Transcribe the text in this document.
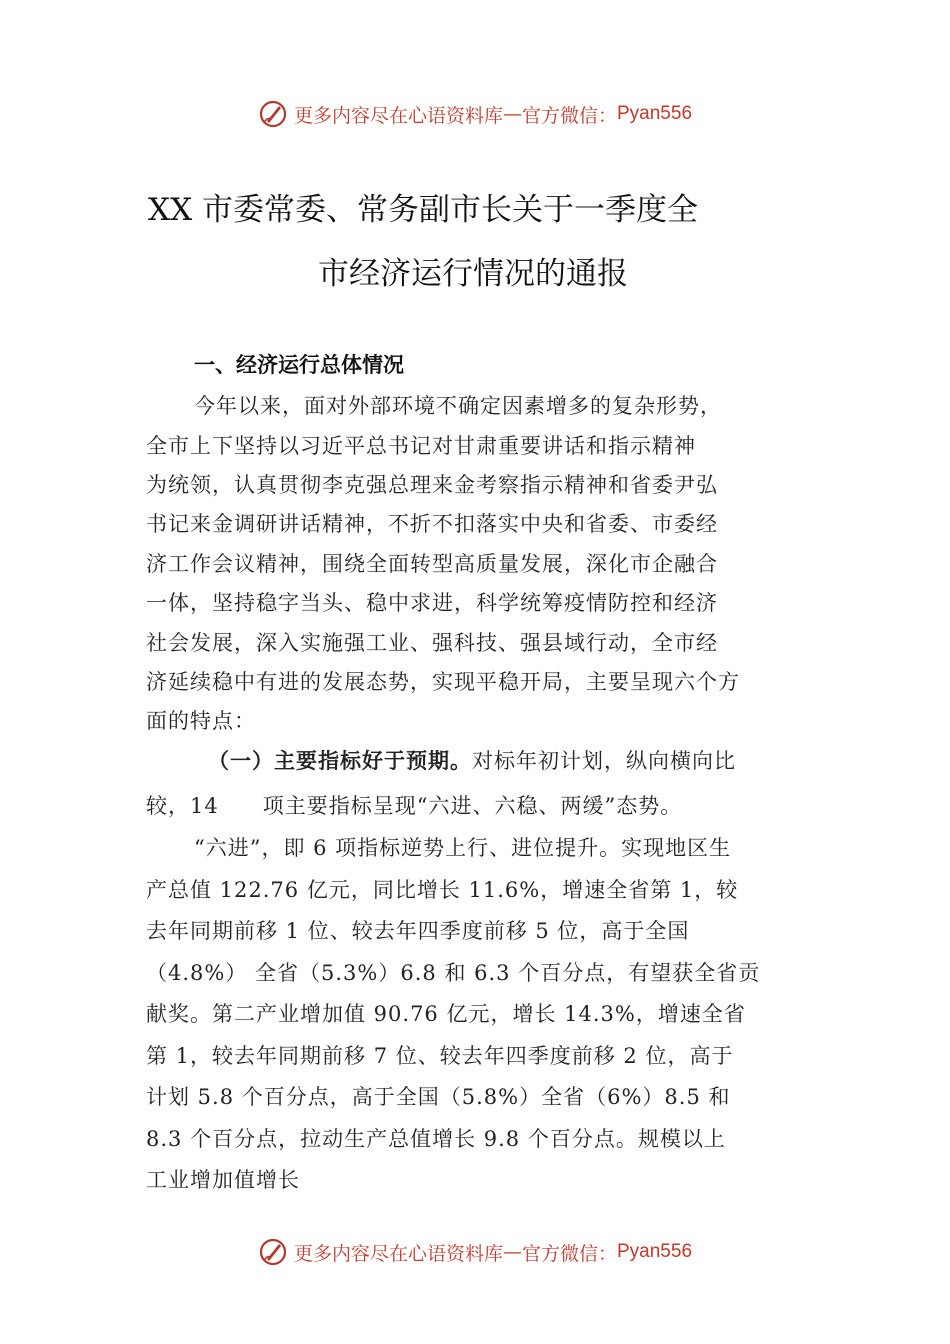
更多内容尽在心语资料库 — 官方微信： Pyan556
XX 市委常委、常务副市长关于一季度全
市经济运行情况的通报
一、经济运行总体情况
今年以来，面对外部环境不确定因素增多的复杂形势，
全市上下坚持以习近平总书记对甘肃重要讲话和指示精神
为统领，认真贯彻李克强总理来金考察指示精神和省委尹弘
书记来金调研讲话精神，不折不扣落实中央和省委、市委经
济工作会议精神，围绕全面转型高质量发展，深化市企融合
一体，坚持稳字当头、稳中求进，科学统筹疫情防控和经济
社会发展，深入实施强工业、强科技、强县域行动，全市经
济延续稳中有进的发展态势，实现平稳开局，主要呈现六个方
面的特点：
（一）主要指标好于预期。对标年初计划，纵向横向比
较，14　　项主要指标呈现“六进、六稳、两缓”态势。
“六进”，即 6 项指标逆势上行、进位提升。实现地区生
产总值 122.76 亿元，同比增长 11.6%，增速全省第 1，较
去年同期前移 1 位、较去年四季度前移 5 位，高于全国
（4.8%） 全省（5.3%）6.8 和 6.3 个百分点，有望获全省贡
献奖。第二产业增加值 90.76 亿元，增长 14.3%，增速全省
第 1，较去年同期前移 7 位、较去年四季度前移 2 位，高于
计划 5.8 个百分点，高于全国（5.8%）全省（6%）8.5 和
8.3 个百分点，拉动生产总值增长 9.8 个百分点。规模以上
工业增加值增长
更多内容尽在心语资料库 — 官方微信： Pyan556
